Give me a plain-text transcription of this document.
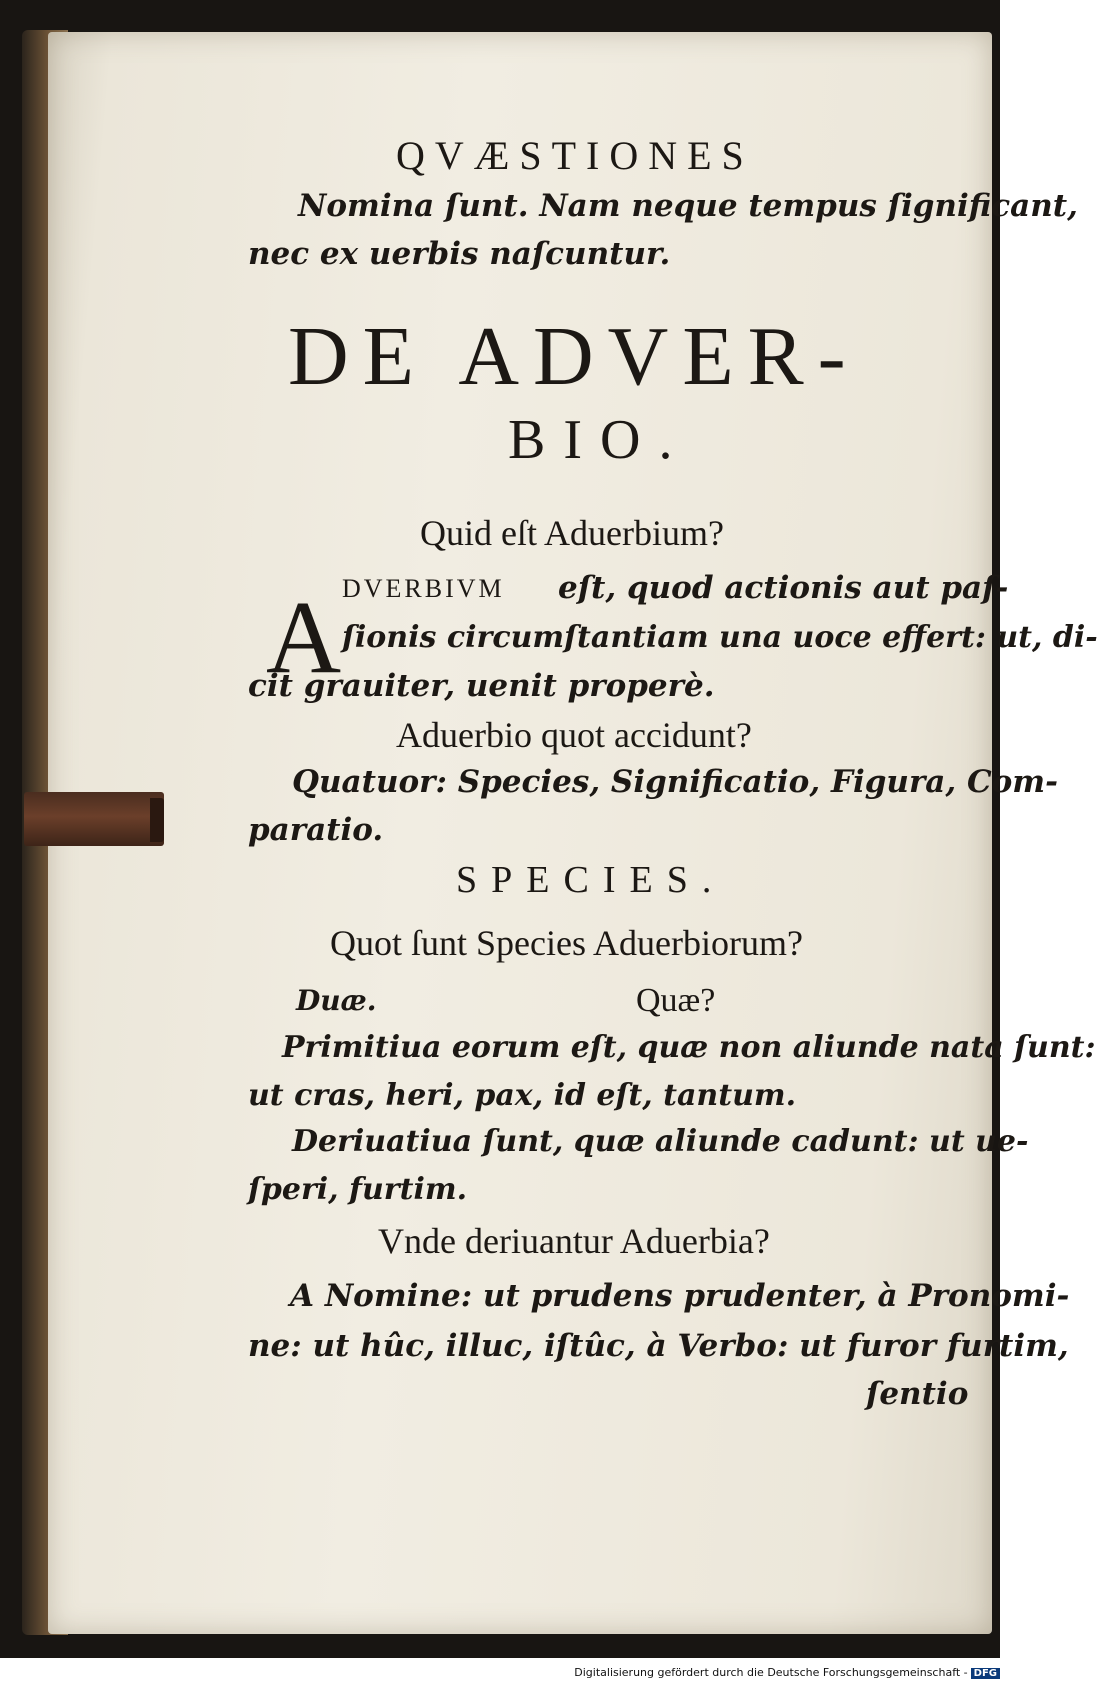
QVÆSTIONES
Nomina ſunt. Nam neque tempus ſignificant,
nec ex uerbis naſcuntur.
DE ADVER-
BIO.
Quid eſt Aduerbium?
A DVERBIVM eſt, quod actionis aut paſ-
ſionis circumſtantiam una uoce effert: ut, di-
cit grauiter, uenit properè.
Aduerbio quot accidunt?
Quatuor: Species, Significatio, Figura, Com-
paratio.
SPECIES.
Quot ſunt Species Aduerbiorum?
Duæ.	Quæ?
Primitiua eorum eſt, quæ non aliunde nata ſunt:
ut cras, heri, pax, id eſt, tantum.
Deriuatiua ſunt, quæ aliunde cadunt: ut ue-
ſperi, furtim.
Vnde deriuantur Aduerbia?
A Nomine: ut prudens prudenter, à Pronomi-
ne: ut hûc, illuc, iſtûc, à Verbo: ut furor furtim,
ſentio
Digitalisierung gefördert durch die Deutsche Forschungsgemeinschaft - DFG
